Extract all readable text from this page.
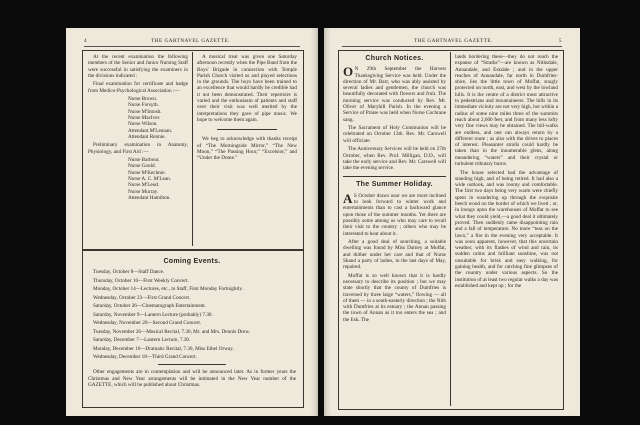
4	THE GARTNAVEL GAZETTE.

At the recent examination the following members of the Senior and Junior Nursing Staff were successful in satisfying the examiners in the divisions indicated :

Final examination for certificate and badge from Medico-Psychological Association :—

Nurse Brown.

Nurse Forsyth.

Nurse M'Intosh.

Nurse MacIver.

Nurse Wilson.

Attendant M'Lennan.

Attendant Rennie.

Preliminary examination in Anatomy, Physiology, and First Aid :—

Nurse Barbour.

Nurse Gould.

Nurse M'Kechnie.

Nurse A. C. M'Lean.

Nurse M'Leod.

Nurse Murray.

Attendant Hamilton.

A musical treat was given one Saturday afternoon recently when the Pipe Band from the Boys' Brigade in connection with Temple Parish Church visited us and played selections in the grounds. The boys have been trained to an excellence that would hardly be credible had it not been demonstrated. Their repertoire is varied and the enthusiasm of patients and staff over their visit was well merited by the interpretations they gave of pipe music. We hope to welcome them again.

We beg to acknowledge with thanks receipt of “The Morningside Mirror,” “The New Moon,” “The Passing Hour,” “Excelsior,” and “Under the Dome.”

Coming Events.

Tuesday, October 8—Staff Dance.

Thursday, October 10—First Weekly Concert.

Monday, October 14—Lectures, etc., to Staff, First Monday Fortnightly.

Wednesday, October 23—First Grand Concert.

Saturday, October 26—Cinematograph Entertainment.

Saturday, November 9—Lantern Lecture (probably) 7.30.

Wednesday, November 20—Second Grand Concert.

Tuesday, November 26—Musical Recital, 7.30, Mr. and Mrs. Dennis Drew.

Saturday, December 7—Lantern Lecture, 7.30.

Monday, December 16—Dramatic Recital, 7.30, Miss Ethel Orway.

Wednesday, December 18—Third Grand Concert.

Other engagements are in contemplation and will be announced later. As in former years the Christmas and New Year arrangements will be intimated in the New Year number of the GAZETTE, which will be published about Christmas.

THE GARTNAVEL GAZETTE.	5
Church Notices.

O N 29th September the Harvest Thanksgiving Service was held. Under the direction of Mr. Barr, who was ably assisted by several ladies and gentlemen, the church was beautifully decorated with flowers and fruit. The morning service was conducted by Rev. Mr. Oliver of Maryhill Parish. In the evening a Service of Praise was held when Nurse Cochrane sang.

The Sacrament of Holy Communion will be celebrated on October 13th. Rev. Mr. Carswell will officiate.

The Anniversary Services will be held on 27th October, when Rev. Prof. Milligan, D.D., will take the early service and Rev. Mr. Carswell will take the evening service.

The Summer Holiday.

A S October draws near we are more inclined to look forward to winter work and entertainments than to cast a backward glance upon those of the summer months. Yet there are possibly some among us who may care to recall their visit to the country ; others who may be interested to hear about it.

After a good deal of searching, a suitable dwelling was found by Miss Darney at Moffat, and thither under her care and that of Nurse Shand a party of ladies, in the last days of May, repaired.

Moffat is so well known that it is hardly necessary to describe its position ; but we may state shortly that the county of Dumfries is traversed by three large “waters,” flowing — all of them — in a south-easterly direction ; the Nith with Dumfries at its estuary ; the Annan passing the town of Annan as it too enters the sea ; and the Esk. The

lands bordering these—they do not reach the expanse of “Straths”—are known as Nithsdale, Annandale, and Eskdale ; and in the upper reaches of Annandale, far north in Dumfries-shire, lies the little town of Moffat, snugly protected on north, east, and west by the lowland hills. It is the centre of a district most attractive to pedestrians and mountaineers. The hills in its immediate vicinity are not very high, but within a radius of some nine miles three of the summits reach about 2,600 feet, and from many less lofty very fine views may be obtained. The hill-walks are endless, and one can always return by a different route ; as also with the drives to places of interest. Pleasanter strolls could hardly be taken than in the innumerable glens, along meandering “waters” and their crystal or turbulent tributary burns.

The house selected had the advantage of standing high, and of being retired. It had also a wide outlook, and was roomy and comfortable. The first two days being very warm were chiefly spent in wandering up through the exquisite beech wood on the border of which we lived ; or, in loungs upon the warehouses of Moffat to see what they could yield,—a good deal it ultimately proved. Then suddenly came disappointing rain and a fall of temperature. No more “teas on the lawn,” a fire in the evening very acceptable. It was soon apparent, however, that this uncertain weather, with its flashes of wind and rain, its sudden calms and brilliant sunshine, was not unsuitable for brisk and easy walking, for gaining health, and for catching fine glimpses of the country under various aspects. So the institution of at least two regular walks a day was established and kept up ; for the
